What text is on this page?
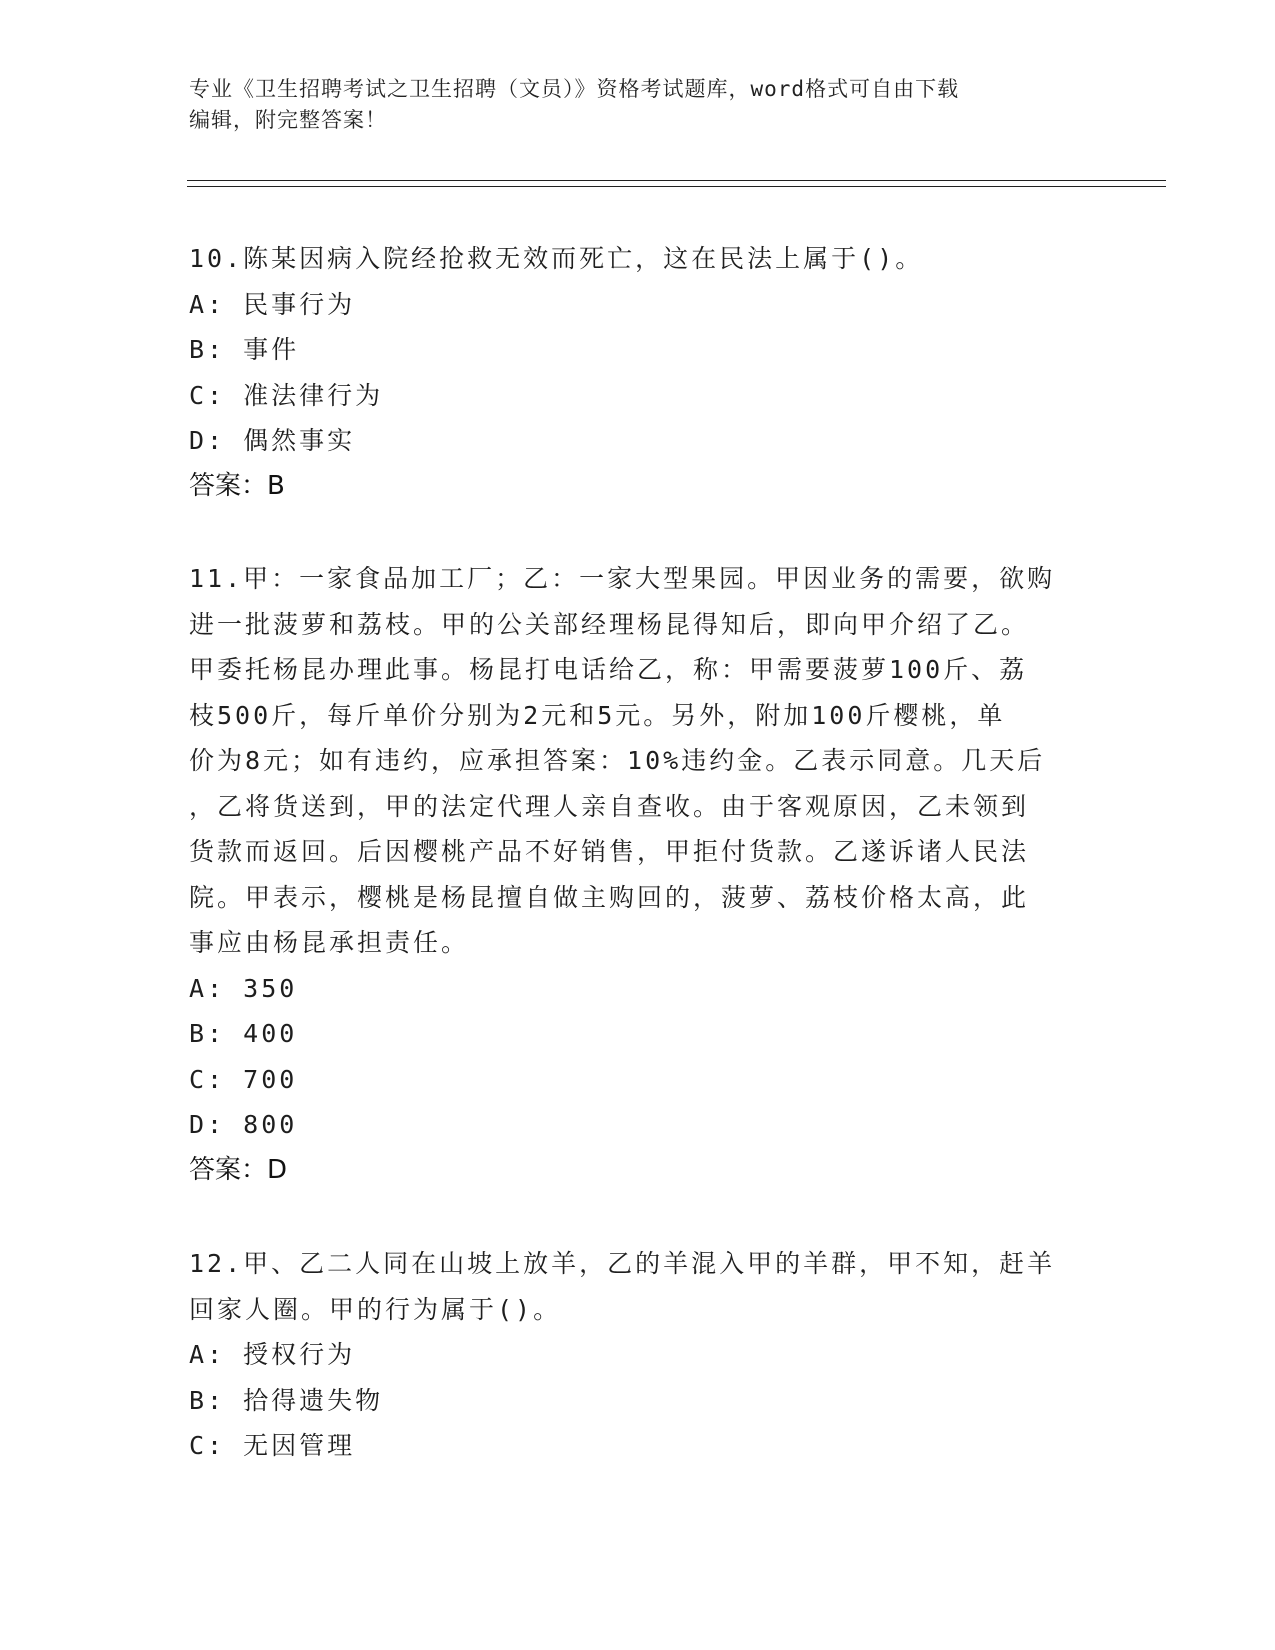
专业《卫生招聘考试之卫生招聘（文员）》资格考试题库，word格式可自由下载
编辑，附完整答案！

10.陈某因病入院经抢救无效而死亡，这在民法上属于()。

A: 民事行为

B: 事件

C: 准法律行为

D: 偶然事实

答案：B

11.甲：一家食品加工厂；乙：一家大型果园。甲因业务的需要，欲购

进一批菠萝和荔枝。甲的公关部经理杨昆得知后，即向甲介绍了乙。

甲委托杨昆办理此事。杨昆打电话给乙，称：甲需要菠萝100斤、荔

枝500斤，每斤单价分别为2元和5元。另外，附加100斤樱桃，单

价为8元；如有违约，应承担答案：10%违约金。乙表示同意。几天后

，乙将货送到，甲的法定代理人亲自查收。由于客观原因，乙未领到

货款而返回。后因樱桃产品不好销售，甲拒付货款。乙遂诉诸人民法

院。甲表示，樱桃是杨昆擅自做主购回的，菠萝、荔枝价格太高，此

事应由杨昆承担责任。

A: 350

B: 400

C: 700

D: 800

答案：D

12.甲、乙二人同在山坡上放羊，乙的羊混入甲的羊群，甲不知，赶羊

回家人圈。甲的行为属于()。

A: 授权行为

B: 拾得遗失物

C: 无因管理
